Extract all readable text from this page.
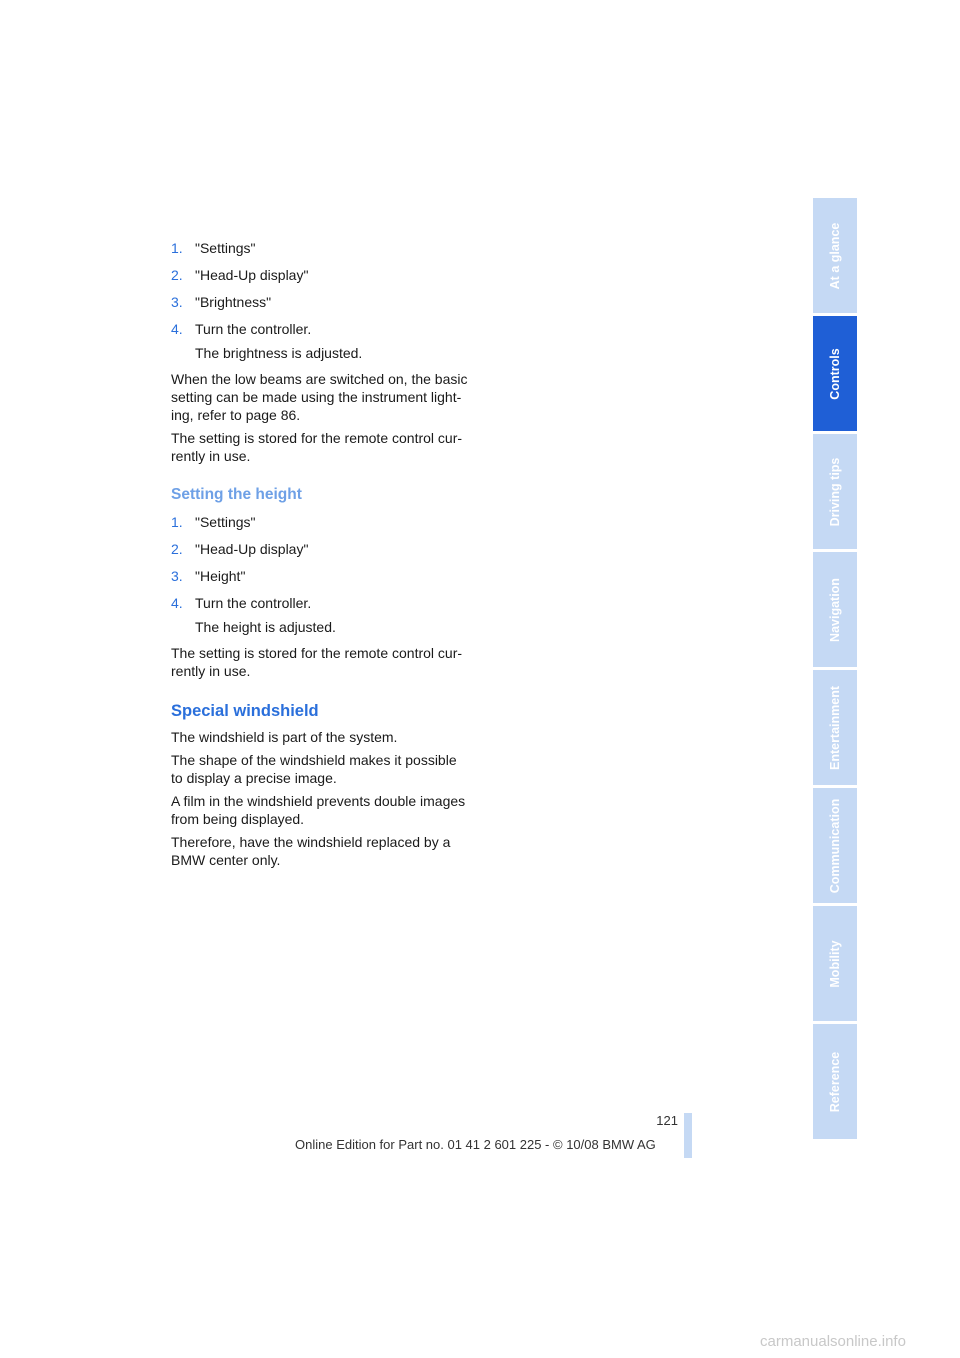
1. "Settings"
2. "Head-Up display"
3. "Brightness"
4. Turn the controller.
The brightness is adjusted.

When the low beams are switched on, the basic setting can be made using the instrument light-ing, refer to page 86.

The setting is stored for the remote control cur-rently in use.

Setting the height
1. "Settings"
2. "Head-Up display"
3. "Height"
4. Turn the controller.
The height is adjusted.

The setting is stored for the remote control cur-rently in use.

Special windshield

The windshield is part of the system.

The shape of the windshield makes it possible to display a precise image.

A film in the windshield prevents double images from being displayed.

Therefore, have the windshield replaced by a BMW center only.

At a glance
Controls
Driving tips
Navigation
Entertainment
Communication
Mobility
Reference
121
Online Edition for Part no. 01 41 2 601 225 - © 10/08 BMW AG
carmanualsonline.info
